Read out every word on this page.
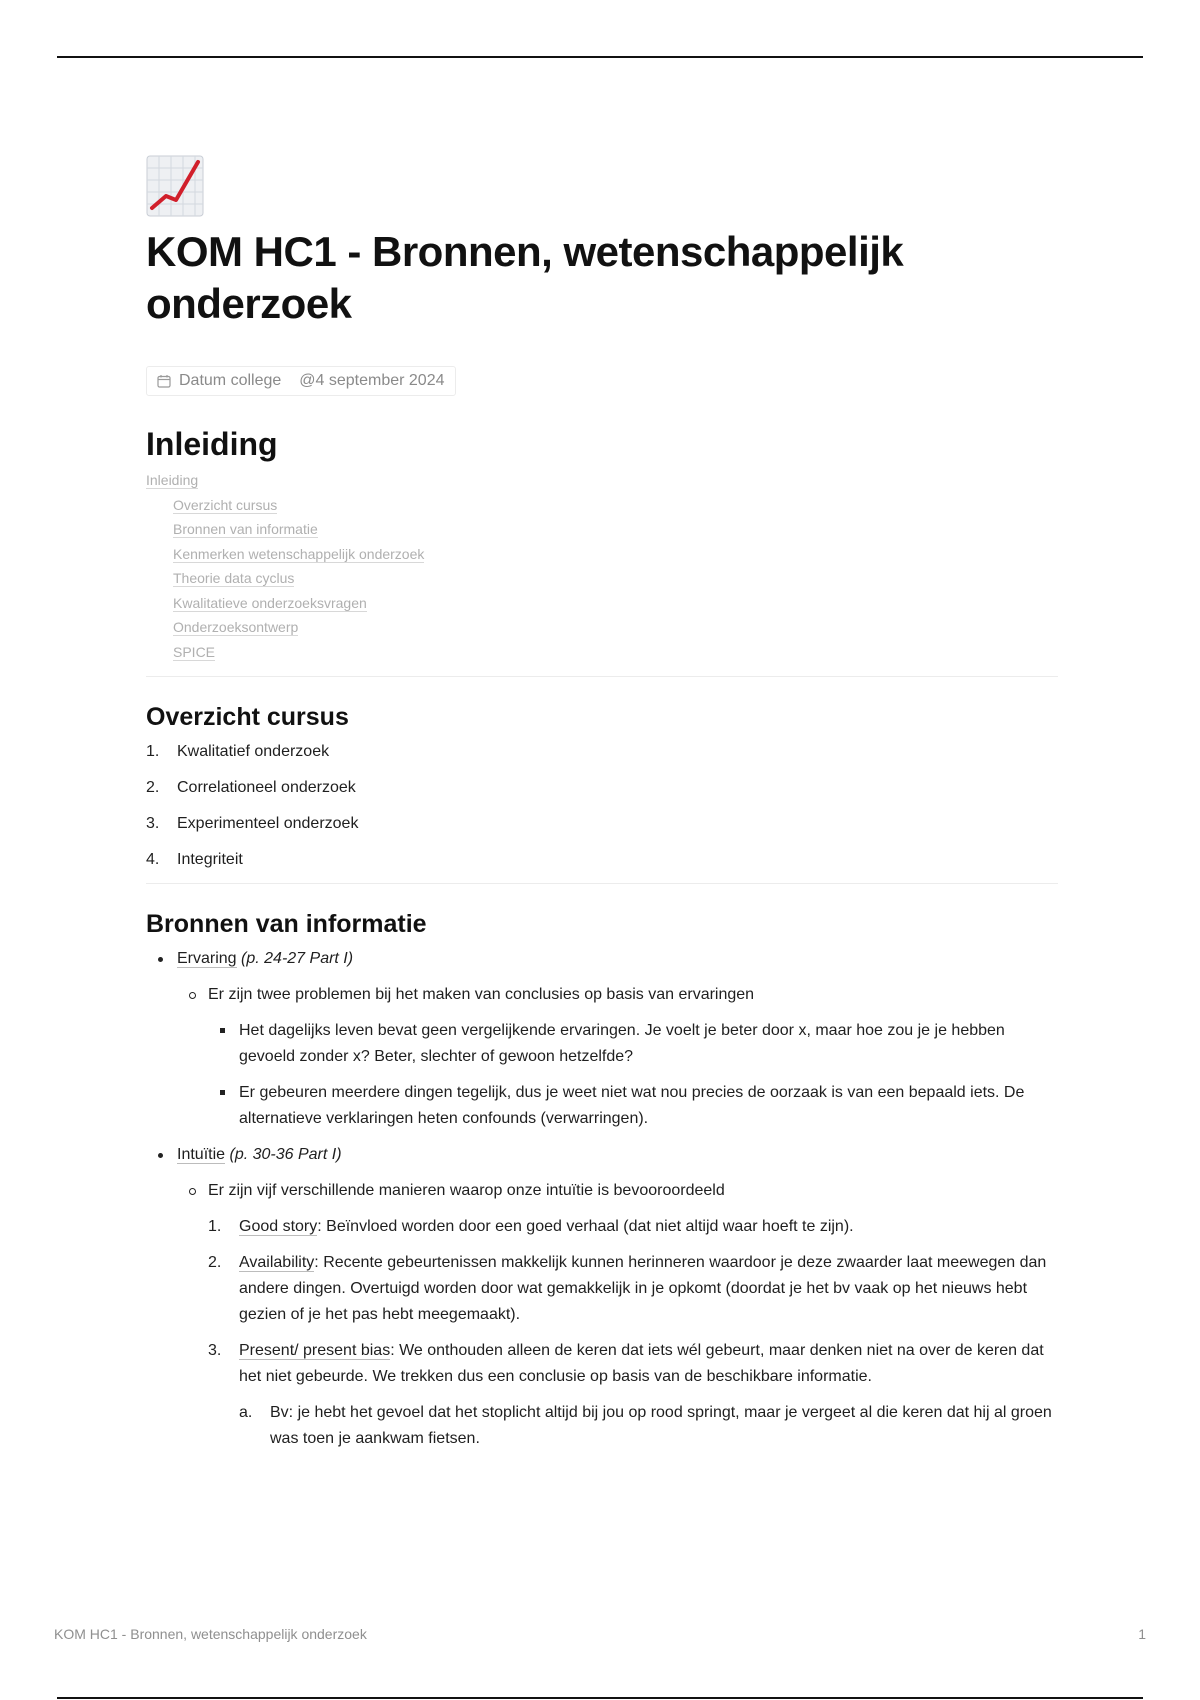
KOM HC1 - Bronnen, wetenschappelijk onderzoek
Datum college @4 september 2024
Inleiding
Inleiding
Overzicht cursus
Bronnen van informatie
Kenmerken wetenschappelijk onderzoek
Theorie data cyclus
Kwalitatieve onderzoeksvragen
Onderzoeksontwerp
SPICE
Overzicht cursus
1. Kwalitatief onderzoek
2. Correlationeel onderzoek
3. Experimenteel onderzoek
4. Integriteit
Bronnen van informatie
Ervaring (p. 24-27 Part I)
Er zijn twee problemen bij het maken van conclusies op basis van ervaringen
Het dagelijks leven bevat geen vergelijkende ervaringen. Je voelt je beter door x, maar hoe zou je je hebben gevoeld zonder x? Beter, slechter of gewoon hetzelfde?
Er gebeuren meerdere dingen tegelijk, dus je weet niet wat nou precies de oorzaak is van een bepaald iets. De alternatieve verklaringen heten confounds (verwarringen).
Intuïtie (p. 30-36 Part I)
Er zijn vijf verschillende manieren waarop onze intuïtie is bevooroordeeld
1. Good story: Beïnvloed worden door een goed verhaal (dat niet altijd waar hoeft te zijn).
2. Availability: Recente gebeurtenissen makkelijk kunnen herinneren waardoor je deze zwaarder laat meewegen dan andere dingen. Overtuigd worden door wat gemakkelijk in je opkomt (doordat je het bv vaak op het nieuws hebt gezien of je het pas hebt meegemaakt).
3. Present/ present bias: We onthouden alleen de keren dat iets wél gebeurt, maar denken niet na over de keren dat het niet gebeurde. We trekken dus een conclusie op basis van de beschikbare informatie.
a. Bv: je hebt het gevoel dat het stoplicht altijd bij jou op rood springt, maar je vergeet al die keren dat hij al groen was toen je aankwam fietsen.
KOM HC1 - Bronnen, wetenschappelijk onderzoek	1
